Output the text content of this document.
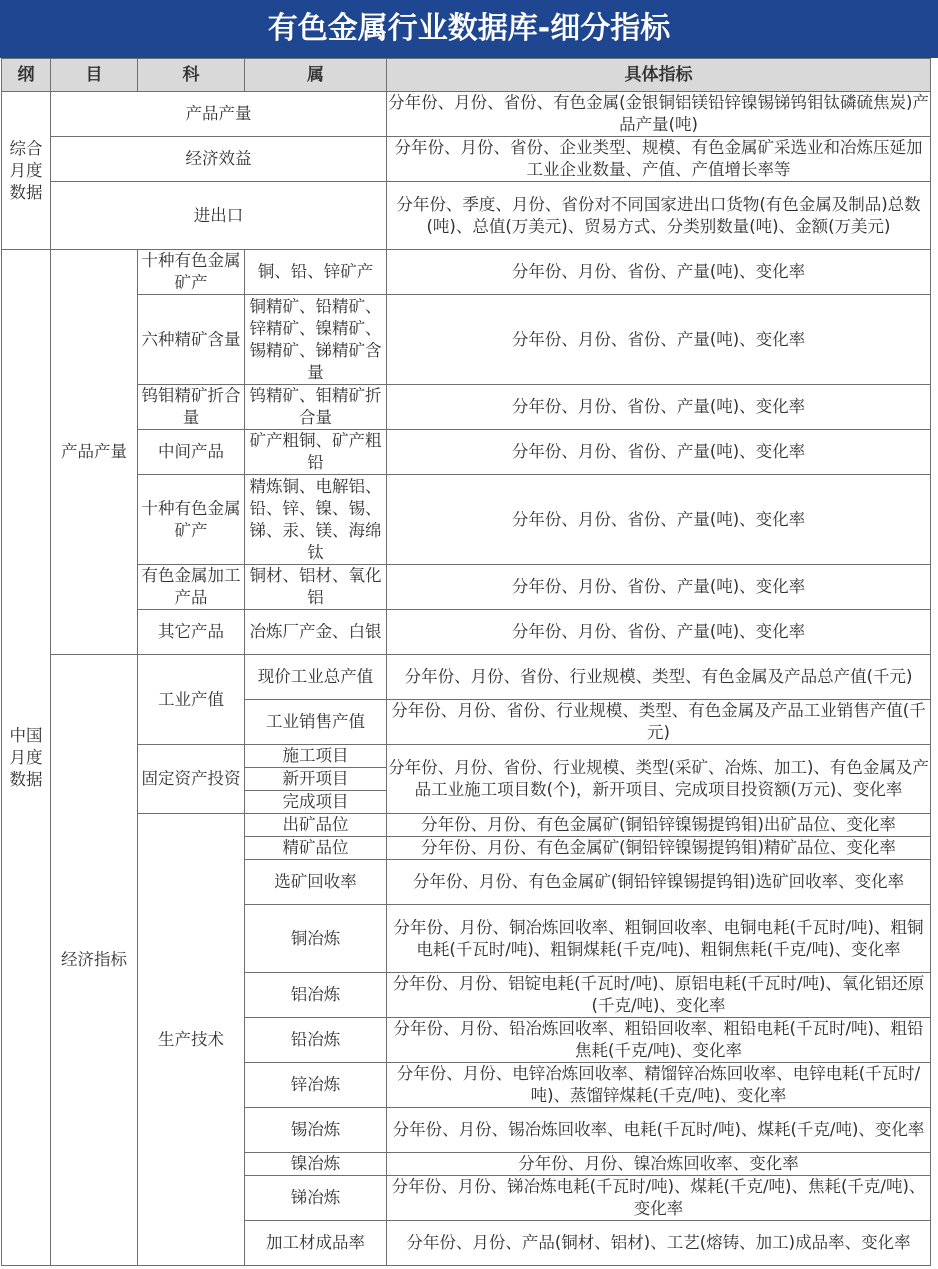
有色金属行业数据库-细分指标
纲	目	科	属	具体指标
综合月度数据	产品产量			分年份、月份、省份、有色金属(金银铜铝镁铅锌镍锡锑钨钼钛磷硫焦炭)产品产量(吨)
	经济效益			分年份、月份、省份、企业类型、规模、有色金属矿采选业和冶炼压延加工业企业数量、产值、产值增长率等
	进出口			分年份、季度、月份、省份对不同国家进出口货物(有色金属及制品)总数(吨)、总值(万美元)、贸易方式、分类别数量(吨)、金额(万美元)
中国月度数据	产品产量	十种有色金属矿产	铜、铅、锌矿产	分年份、月份、省份、产量(吨)、变化率
		六种精矿含量	铜精矿、铅精矿、锌精矿、镍精矿、锡精矿、锑精矿含量	分年份、月份、省份、产量(吨)、变化率
		钨钼精矿折合量	钨精矿、钼精矿折合量	分年份、月份、省份、产量(吨)、变化率
		中间产品	矿产粗铜、矿产粗铅	分年份、月份、省份、产量(吨)、变化率
		十种有色金属矿产	精炼铜、电解铝、铅、锌、镍、锡、锑、汞、镁、海绵钛	分年份、月份、省份、产量(吨)、变化率
		有色金属加工产品	铜材、铝材、氧化铝	分年份、月份、省份、产量(吨)、变化率
		其它产品	冶炼厂产金、白银	分年份、月份、省份、产量(吨)、变化率
	经济指标	工业产值	现价工业总产值	分年份、月份、省份、行业规模、类型、有色金属及产品总产值(千元)
			工业销售产值	分年份、月份、省份、行业规模、类型、有色金属及产品工业销售产值(千元)
		固定资产投资	施工项目	分年份、月份、省份、行业规模、类型(采矿、冶炼、加工)、有色金属及产品工业施工项目数(个)，新开项目、完成项目投资额(万元)、变化率
			新开项目	
			完成项目	
		生产技术	出矿品位	分年份、月份、有色金属矿(铜铅锌镍锡提钨钼)出矿品位、变化率
			精矿品位	分年份、月份、有色金属矿(铜铅锌镍锡提钨钼)精矿品位、变化率
			选矿回收率	分年份、月份、有色金属矿(铜铅锌镍锡提钨钼)选矿回收率、变化率
			铜冶炼	分年份、月份、铜冶炼回收率、粗铜回收率、电铜电耗(千瓦时/吨)、粗铜电耗(千瓦时/吨)、粗铜煤耗(千克/吨)、粗铜焦耗(千克/吨)、变化率
			铝冶炼	分年份、月份、铝锭电耗(千瓦时/吨)、原铝电耗(千瓦时/吨)、氧化铝还原(千克/吨)、变化率
			铅冶炼	分年份、月份、铅冶炼回收率、粗铅回收率、粗铅电耗(千瓦时/吨)、粗铅焦耗(千克/吨)、变化率
			锌冶炼	分年份、月份、电锌冶炼回收率、精馏锌冶炼回收率、电锌电耗(千瓦时/吨)、蒸馏锌煤耗(千克/吨)、变化率
			锡冶炼	分年份、月份、锡冶炼回收率、电耗(千瓦时/吨)、煤耗(千克/吨)、变化率
			镍冶炼	分年份、月份、镍冶炼回收率、变化率
			锑冶炼	分年份、月份、锑冶炼电耗(千瓦时/吨)、煤耗(千克/吨)、焦耗(千克/吨)、变化率
			加工材成品率	分年份、月份、产品(铜材、铝材)、工艺(熔铸、加工)成品率、变化率
